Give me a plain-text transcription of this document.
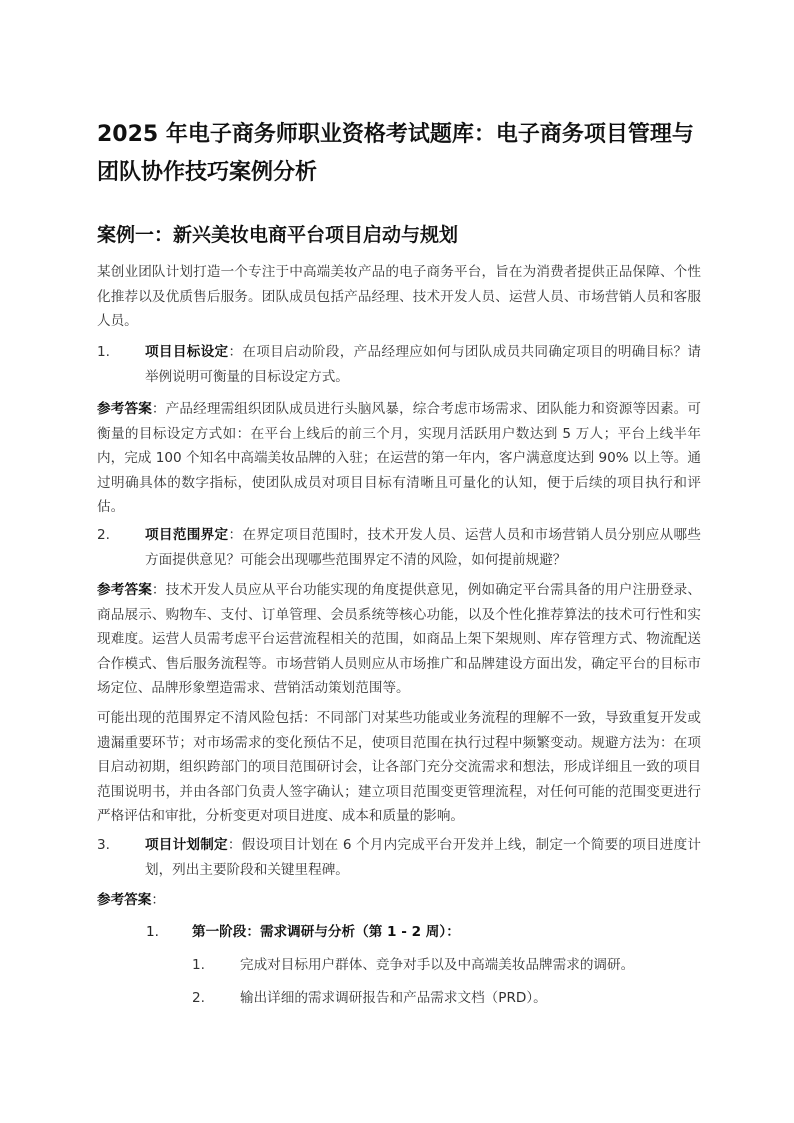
2025 年电子商务师职业资格考试题库：电子商务项目管理与团队协作技巧案例分析
案例一：新兴美妆电商平台项目启动与规划
某创业团队计划打造一个专注于中高端美妆产品的电子商务平台，旨在为消费者提供正品保障、个性化推荐以及优质售后服务。团队成员包括产品经理、技术开发人员、运营人员、市场营销人员和客服人员。
1.	项目目标设定：在项目启动阶段，产品经理应如何与团队成员共同确定项目的明确目标？请举例说明可衡量的目标设定方式。
参考答案：产品经理需组织团队成员进行头脑风暴，综合考虑市场需求、团队能力和资源等因素。可衡量的目标设定方式如：在平台上线后的前三个月，实现月活跃用户数达到 5 万人；平台上线半年内，完成 100 个知名中高端美妆品牌的入驻；在运营的第一年内，客户满意度达到 90% 以上等。通过明确具体的数字指标，使团队成员对项目目标有清晰且可量化的认知，便于后续的项目执行和评估。
2.	项目范围界定：在界定项目范围时，技术开发人员、运营人员和市场营销人员分别应从哪些方面提供意见？可能会出现哪些范围界定不清的风险，如何提前规避？
参考答案：技术开发人员应从平台功能实现的角度提供意见，例如确定平台需具备的用户注册登录、商品展示、购物车、支付、订单管理、会员系统等核心功能，以及个性化推荐算法的技术可行性和实现难度。运营人员需考虑平台运营流程相关的范围，如商品上架下架规则、库存管理方式、物流配送合作模式、售后服务流程等。市场营销人员则应从市场推广和品牌建设方面出发，确定平台的目标市场定位、品牌形象塑造需求、营销活动策划范围等。
可能出现的范围界定不清风险包括：不同部门对某些功能或业务流程的理解不一致，导致重复开发或遗漏重要环节；对市场需求的变化预估不足，使项目范围在执行过程中频繁变动。规避方法为：在项目启动初期，组织跨部门的项目范围研讨会，让各部门充分交流需求和想法，形成详细且一致的项目范围说明书，并由各部门负责人签字确认；建立项目范围变更管理流程，对任何可能的范围变更进行严格评估和审批，分析变更对项目进度、成本和质量的影响。
3.	项目计划制定：假设项目计划在 6 个月内完成平台开发并上线，制定一个简要的项目进度计划，列出主要阶段和关键里程碑。
参考答案：
1. 第一阶段：需求调研与分析（第 1 - 2 周）：
1.	完成对目标用户群体、竞争对手以及中高端美妆品牌需求的调研。
2.	输出详细的需求调研报告和产品需求文档（PRD）。
